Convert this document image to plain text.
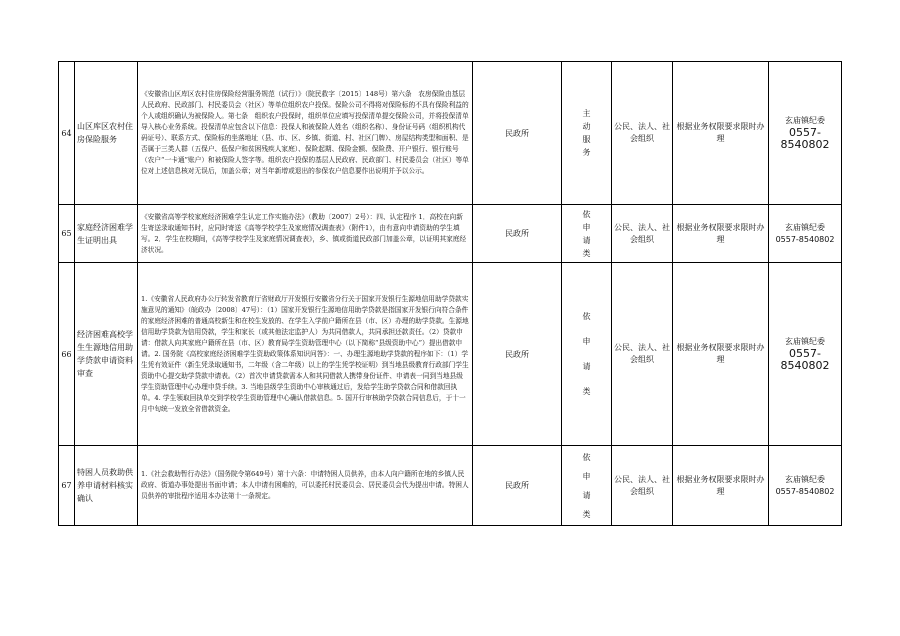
64	山区库区农村住房保险服务	《安徽省山区库区农村住房保险经营服务规范（试行）》（院民救字〔2015〕148号）第六条　农房保险由基层人民政府、民政部门、村民委员会（社区）等单位组织农户投保。保险公司不得将对保险标的不具有保险利益的个人或组织确认为被保险人。第七条　组织农户投保时，组织单位应填写投保清单提交保险公司，并将投保清单导入核心业务系统。投保清单应包含以下信息：投保人和被保险人姓名（组织名称）、身份证号码（组织机构代码证号）、联系方式、保险标的坐落地址（县、市、区、乡镇、街道、村、社区门牌）、房屋结构类型和面积、是否属于三类人群（五保户、低保户和贫困残疾人家庭）、保险起期、保险金额、保险费、开户银行、银行账号（农户“一卡通”账户）和被保险人签字等。组织农户投保的基层人民政府、民政部门、村民委员会（社区）等单位对上述信息核对无误后，加盖公章；对当年新增或退出的参保农户信息要作出说明并予以公示。	民政所	主动服务	公民、法人、社会组织	根据业务权限要求限时办理	玄庙镇纪委
0557-8540802

65	家庭经济困难学生证明出具	《安徽省高等学校家庭经济困难学生认定工作实施办法》（教助〔2007〕2号）：四、认定程序 1．高校在向新生寄送录取通知书时，应同时寄送《高等学校学生及家庭情况调查表》（附件1），由有意向申请资助的学生填写。2．学生在校期间，《高等学校学生及家庭情况调查表》，乡、镇或街道民政部门加盖公章，以证明其家庭经济状况。	民政所	依申请类	公民、法人、社会组织	根据业务权限要求限时办理	玄庙镇纪委
0557-8540802

66	经济困难高校学生生源地信用助学贷款申请资料审查	1.《安徽省人民政府办公厅转发省教育厅省财政厅开发银行安徽省分行关于国家开发银行生源地信用助学贷款实施意见的通知》（皖政办〔2008〕47号）：（1）国家开发银行生源地信用助学贷款是指国家开发银行向符合条件的家庭经济困难的普通高校新生和在校生发放的、在学生入学前户籍所在县（市、区）办理的助学贷款。生源地信用助学贷款为信用贷款，学生和家长（或其他法定监护人）为共同借款人，共同承担还款责任。（2）贷款申请：借款人向其家庭户籍所在县（市、区）教育局学生资助管理中心（以下简称“县级资助中心”）提出借款申请。2. 国务院《高校家庭经济困难学生资助政策体系知识问答》：一、办理生源地助学贷款的程序如下：（1）学生凭有效证件（新生凭录取通知书，二年级（含二年级）以上的学生凭学校证明）到当地县级教育行政部门学生资助中心提交助学贷款申请表。（2）首次申请贷款需本人和其同借款人携带身份证件、申请表一同到当地县级学生资助管理中心办理申贷手续。3. 当地县级学生资助中心审核通过后，发给学生助学贷款合同和借款回执单。4. 学生领取回执单交到学校学生资助管理中心确认借款信息。5. 国开行审核助学贷款合同信息后，于十一月中旬统一发放全省借款资金。	民政所	依申请类	公民、法人、社会组织	根据业务权限要求限时办理	玄庙镇纪委
0557-8540802

67	特困人员救助供养申请材料核实确认	1.《社会救助暂行办法》（国务院令第649号）第十六条：申请特困人员供养，由本人向户籍所在地的乡镇人民政府、街道办事处提出书面申请；本人申请有困难的，可以委托村民委员会、居民委员会代为提出申请。特困人员供养的审批程序适用本办法第十一条规定。	民政所	依申请类	公民、法人、社会组织	根据业务权限要求限时办理	玄庙镇纪委
0557-8540802
